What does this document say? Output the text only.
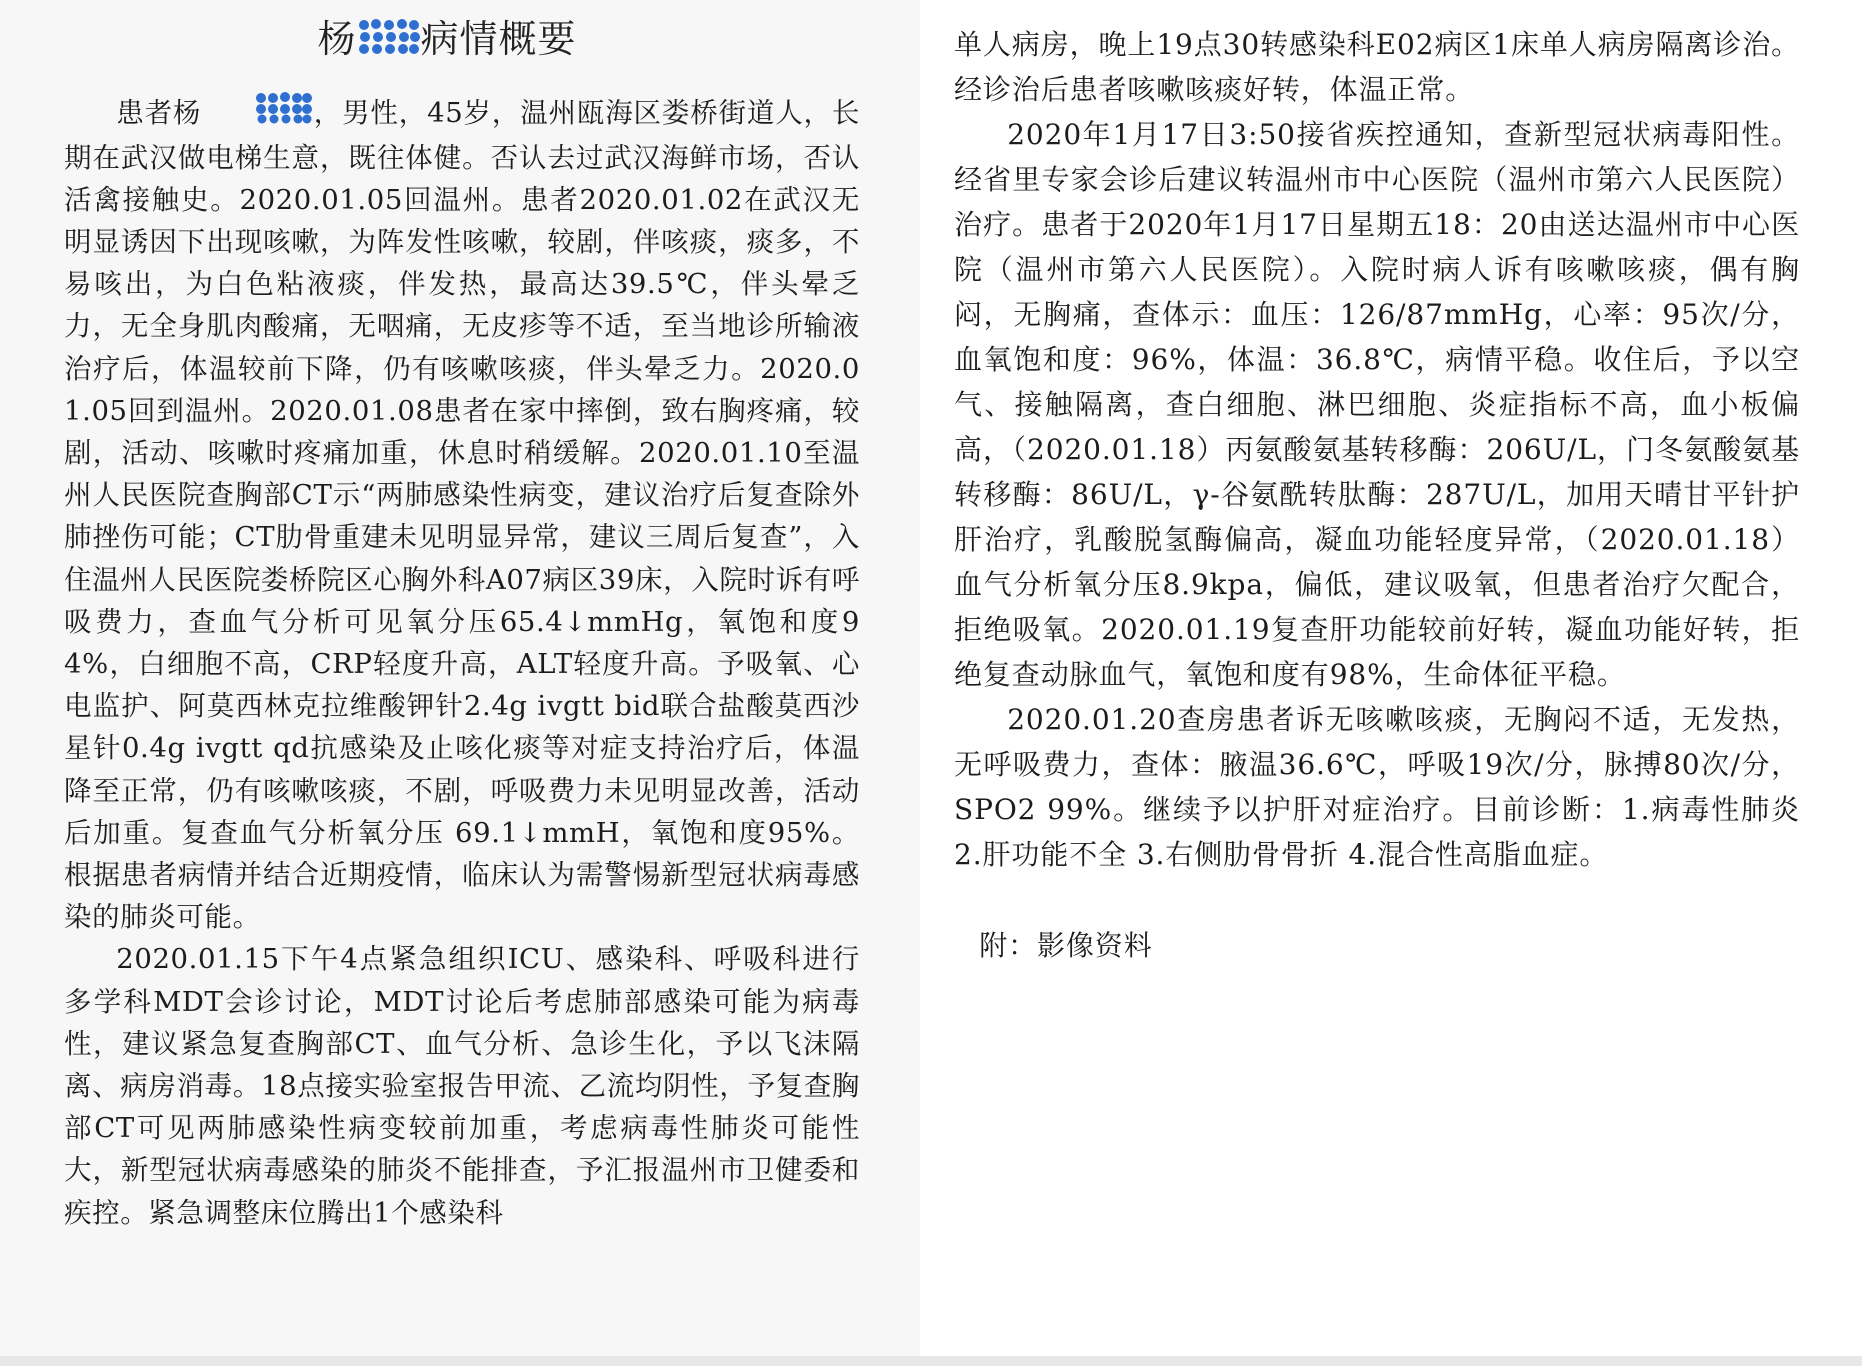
杨 病情概要

患者杨	，男性，45岁，温州瓯海区娄桥街道人，长期在武汉做电梯生意，既往体健。否认去过武汉海鲜市场，否认活禽接触史。2020.01.05回温州。患者2020.01.02在武汉无明显诱因下出现咳嗽，为阵发性咳嗽，较剧，伴咳痰，痰多，不易咳出，为白色粘液痰，伴发热，最高达39.5℃，伴头晕乏力，无全身肌肉酸痛，无咽痛，无皮疹等不适，至当地诊所输液治疗后，体温较前下降，仍有咳嗽咳痰，伴头晕乏力。2020.01.05回到温州。2020.01.08患者在家中摔倒，致右胸疼痛，较剧，活动、咳嗽时疼痛加重，休息时稍缓解。2020.01.10至温州人民医院查胸部CT示“两肺感染性病变，建议治疗后复查除外肺挫伤可能；CT肋骨重建未见明显异常，建议三周后复查”，入住温州人民医院娄桥院区心胸外科A07病区39床，入院时诉有呼吸费力，查血气分析可见氧分压65.4↓mmHg，氧饱和度94%，白细胞不高，CRP轻度升高，ALT轻度升高。予吸氧、心电监护、阿莫西林克拉维酸钾针2.4g ivgtt bid联合盐酸莫西沙星针0.4g ivgtt qd抗感染及止咳化痰等对症支持治疗后，体温降至正常，仍有咳嗽咳痰，不剧，呼吸费力未见明显改善，活动后加重。复查血气分析氧分压 69.1↓mmH，氧饱和度95%。根据患者病情并结合近期疫情，临床认为需警惕新型冠状病毒感染的肺炎可能。

2020.01.15下午4点紧急组织ICU、感染科、呼吸科进行多学科MDT会诊讨论，MDT讨论后考虑肺部感染可能为病毒性，建议紧急复查胸部CT、血气分析、急诊生化，予以飞沫隔离、病房消毒。18点接实验室报告甲流、乙流均阴性，予复查胸部CT可见两肺感染性病变较前加重，考虑病毒性肺炎可能性大，新型冠状病毒感染的肺炎不能排查，予汇报温州市卫健委和疾控。紧急调整床位腾出1个感染科

单人病房，晚上19点30转感染科E02病区1床单人病房隔离诊治。经诊治后患者咳嗽咳痰好转，体温正常。

2020年1月17日3:50接省疾控通知，查新型冠状病毒阳性。经省里专家会诊后建议转温州市中心医院（温州市第六人民医院）治疗。患者于2020年1月17日星期五18：20由送达温州市中心医院（温州市第六人民医院）。入院时病人诉有咳嗽咳痰，偶有胸闷，无胸痛，查体示：血压：126/87mmHg，心率：95次/分，血氧饱和度：96%，体温：36.8℃，病情平稳。收住后，予以空气、接触隔离，查白细胞、淋巴细胞、炎症指标不高，血小板偏高，（2020.01.18）丙氨酸氨基转移酶：206U/L，门冬氨酸氨基转移酶：86U/L，γ-谷氨酰转肽酶：287U/L，加用天晴甘平针护肝治疗，乳酸脱氢酶偏高，凝血功能轻度异常，（2020.01.18）血气分析氧分压8.9kpa，偏低，建议吸氧，但患者治疗欠配合，拒绝吸氧。2020.01.19复查肝功能较前好转，凝血功能好转，拒绝复查动脉血气，氧饱和度有98%，生命体征平稳。

2020.01.20查房患者诉无咳嗽咳痰，无胸闷不适，无发热，无呼吸费力，查体：腋温36.6℃，呼吸19次/分，脉搏80次/分，SPO2 99%。继续予以护肝对症治疗。目前诊断：1.病毒性肺炎 2.肝功能不全 3.右侧肋骨骨折 4.混合性高脂血症。

附：影像资料
